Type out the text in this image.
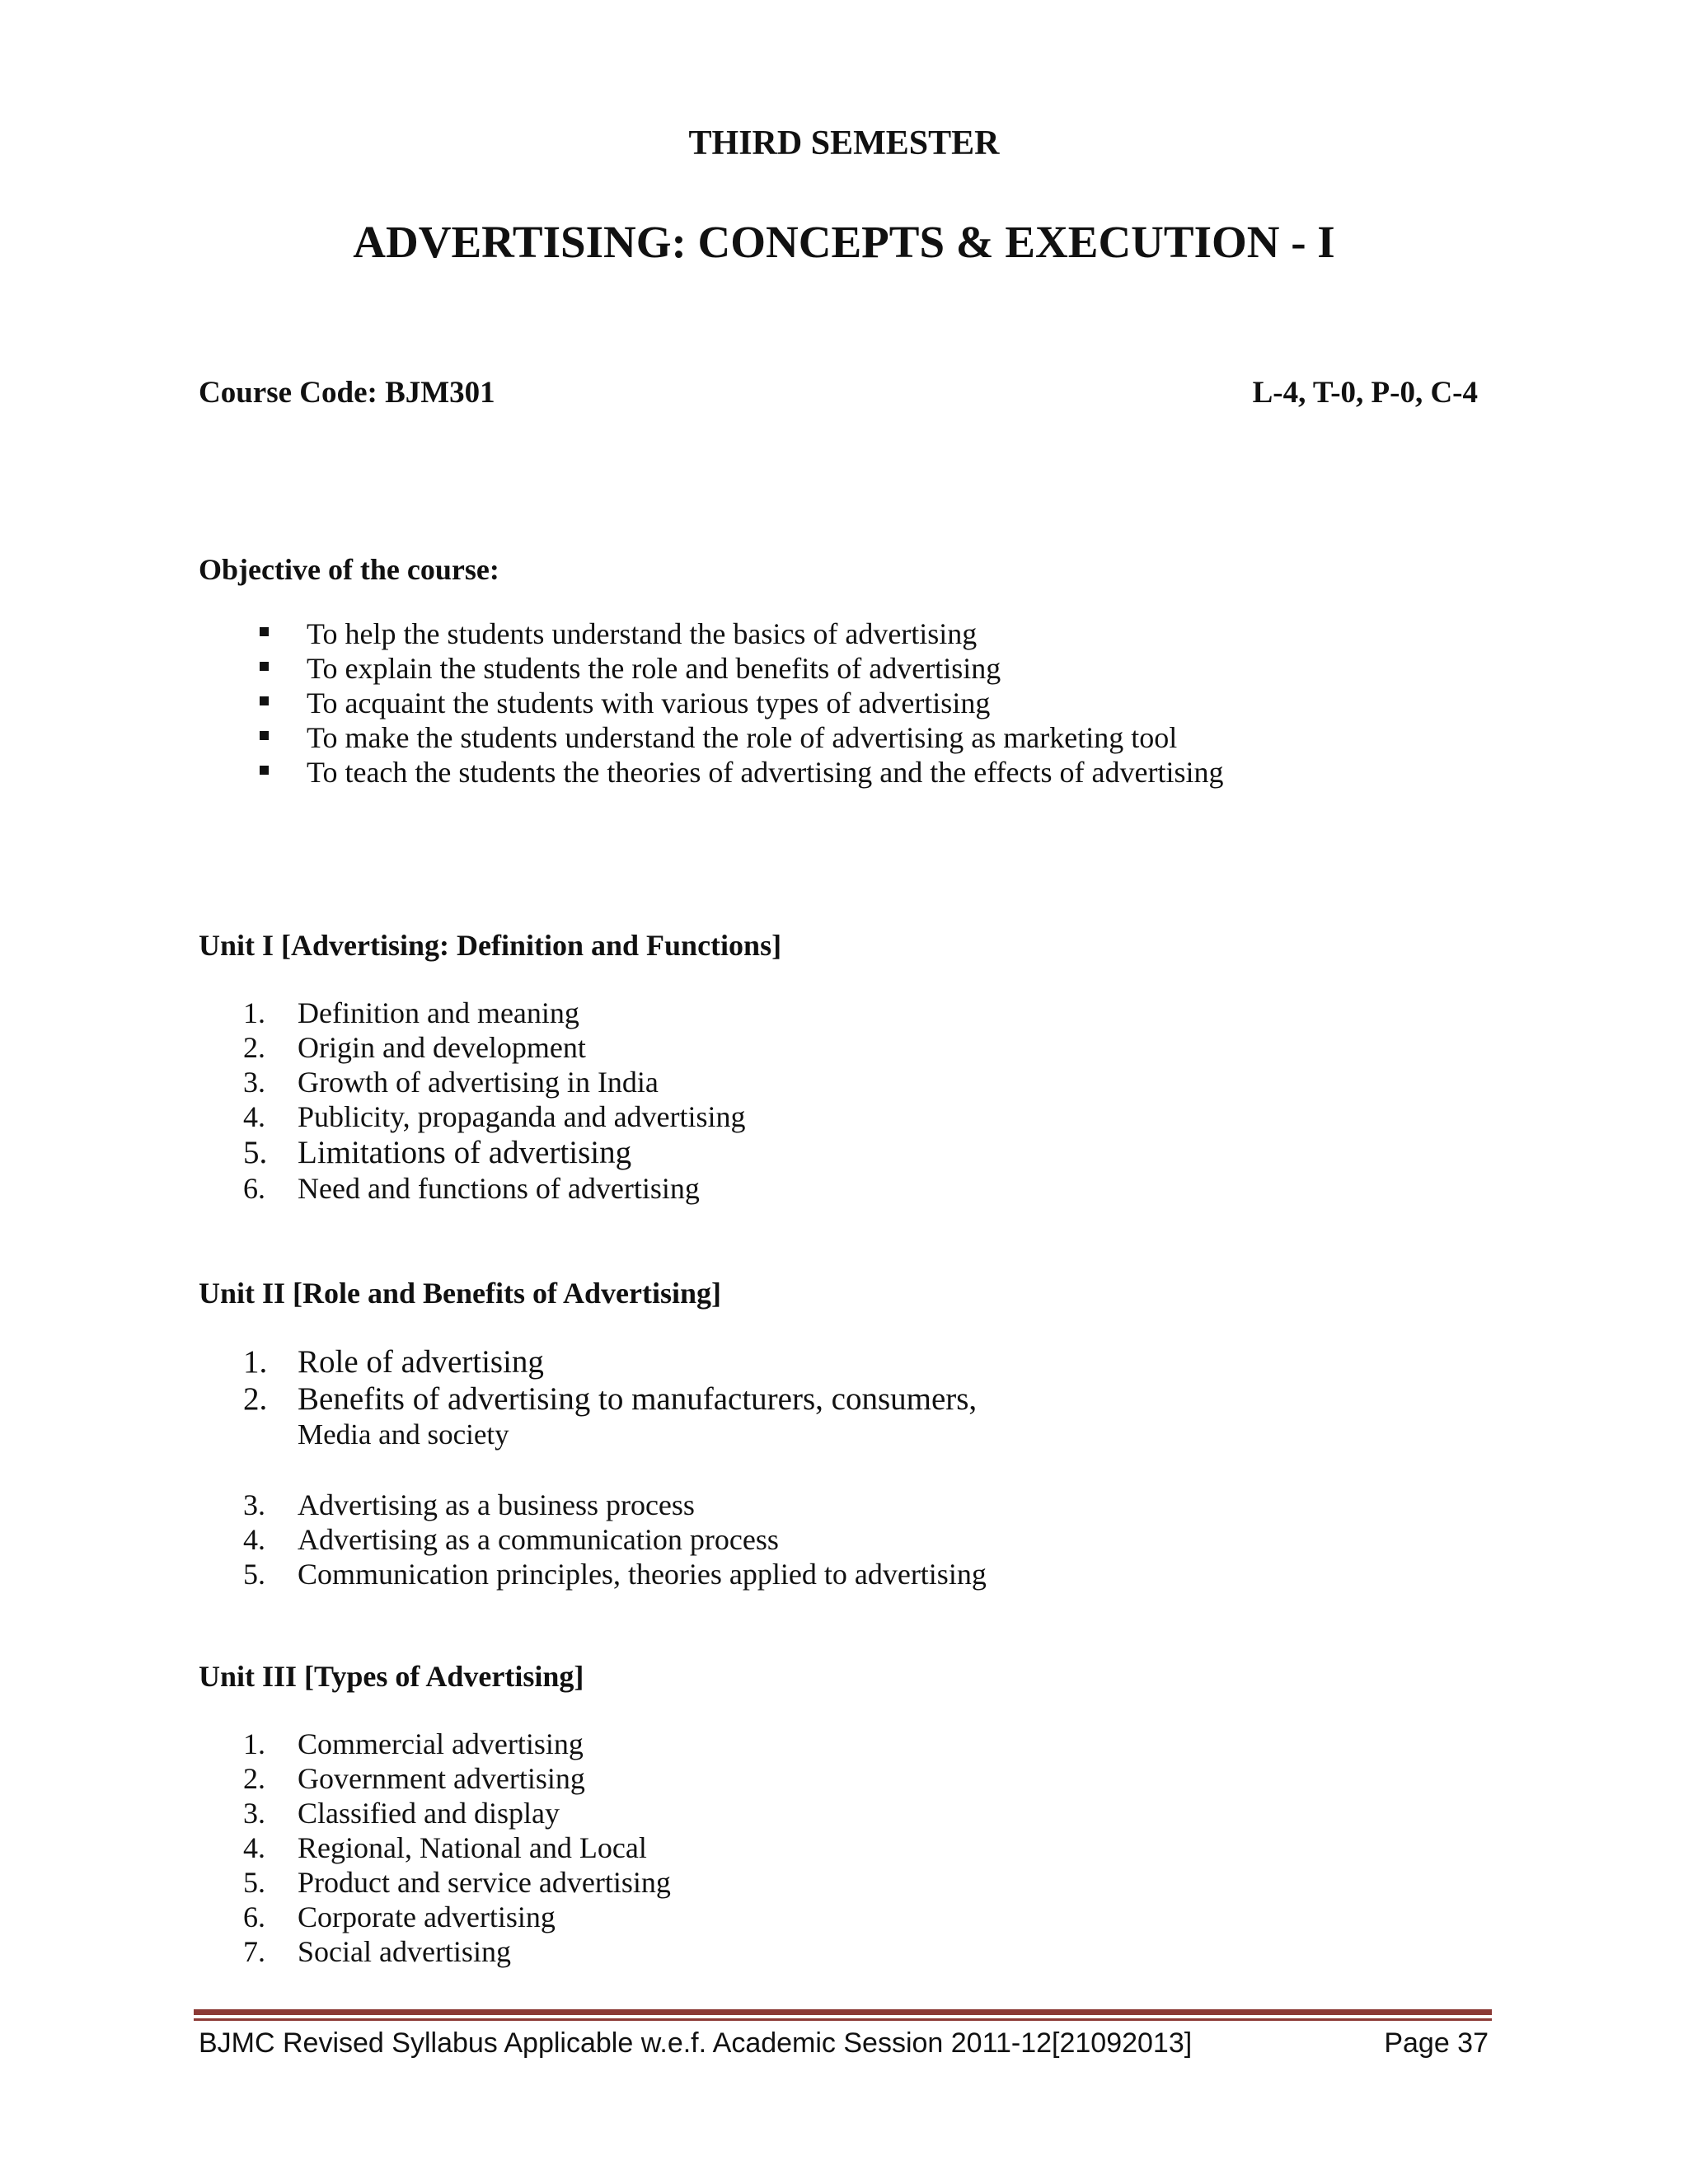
THIRD SEMESTER
ADVERTISING: CONCEPTS & EXECUTION - I
Course Code: BJM301	L-4, T-0, P-0, C-4
Objective of the course:
To help the students understand the basics of advertising
To explain the students the role and benefits of advertising
To acquaint the students with various types of advertising
To make the students understand the role of advertising as marketing tool
To teach the students the theories of advertising and the effects of advertising
Unit I [Advertising: Definition and Functions]
1. Definition and meaning
2. Origin and development
3. Growth of advertising in India
4. Publicity, propaganda and advertising
5. Limitations of advertising
6. Need and functions of advertising
Unit II [Role and Benefits of Advertising]
1. Role of advertising
2. Benefits of advertising to manufacturers, consumers,
Media and society
3. Advertising as a business process
4. Advertising as a communication process
5. Communication principles, theories applied to advertising
Unit III [Types of Advertising]
1. Commercial advertising
2. Government advertising
3. Classified and display
4. Regional, National and Local
5. Product and service advertising
6. Corporate advertising
7. Social advertising
BJMC Revised Syllabus Applicable w.e.f. Academic Session 2011-12[21092013]	Page 37
